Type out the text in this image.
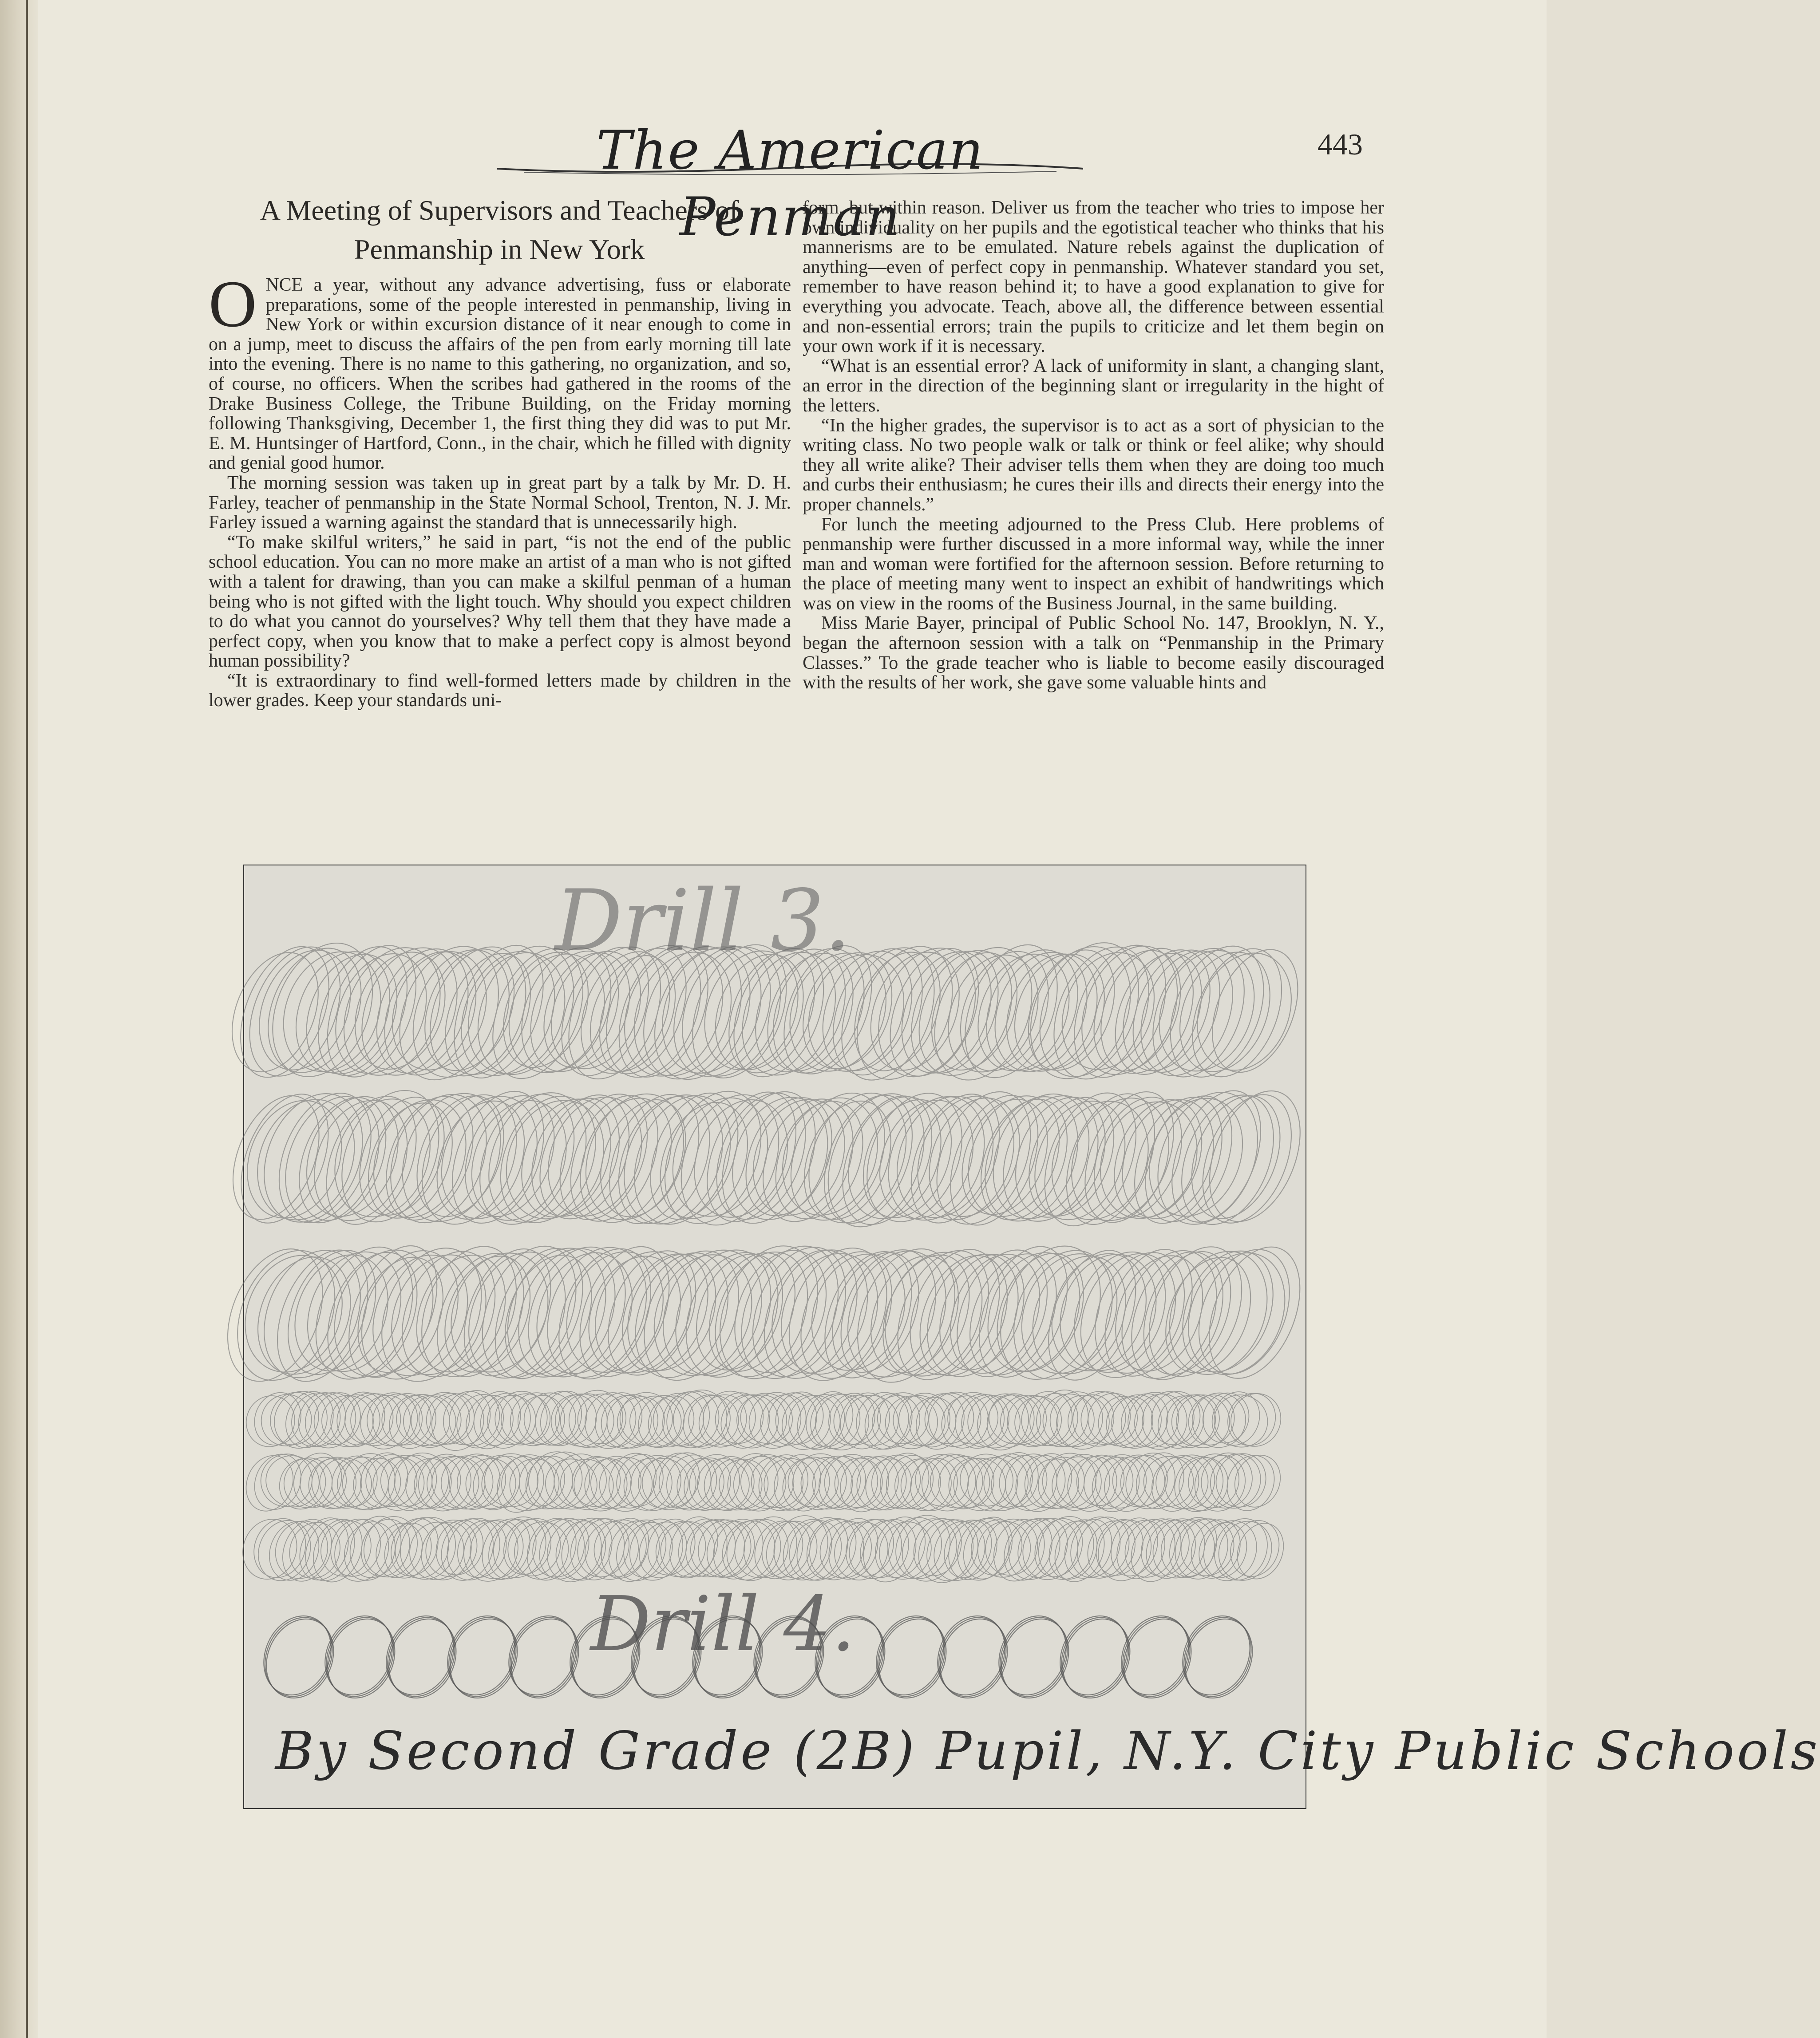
The American Penman
443
A Meeting of Supervisors and Teachers of
Penmanship in New York

ONCE a year, without any advance advertising, fuss or elaborate preparations, some of the people interested in penmanship, living in New York or within excursion distance of it near enough to come in on a jump, meet to discuss the affairs of the pen from early morning till late into the evening. There is no name to this gathering, no organization, and so, of course, no officers. When the scribes had gathered in the rooms of the Drake Business College, the Tribune Building, on the Friday morning following Thanksgiving, December 1, the first thing they did was to put Mr. E. M. Huntsinger of Hartford, Conn., in the chair, which he filled with dignity and genial good humor.

The morning session was taken up in great part by a talk by Mr. D. H. Farley, teacher of penmanship in the State Normal School, Trenton, N. J. Mr. Farley issued a warning against the standard that is unnecessarily high.

“To make skilful writers,” he said in part, “is not the end of the public school education. You can no more make an artist of a man who is not gifted with a talent for drawing, than you can make a skilful penman of a human being who is not gifted with the light touch. Why should you expect children to do what you cannot do yourselves? Why tell them that they have made a perfect copy, when you know that to make a perfect copy is almost beyond human possibility?

“It is extraordinary to find well-formed letters made by children in the lower grades. Keep your standards uni-

form, but within reason. Deliver us from the teacher who tries to impose her own individuality on her pupils and the egotistical teacher who thinks that his mannerisms are to be emulated. Nature rebels against the duplication of anything—even of perfect copy in penmanship. Whatever standard you set, remember to have reason behind it; to have a good explanation to give for everything you advocate. Teach, above all, the difference between essential and non-essential errors; train the pupils to criticize and let them begin on your own work if it is necessary.

“What is an essential error? A lack of uniformity in slant, a changing slant, an error in the direction of the beginning slant or irregularity in the hight of the letters.

“In the higher grades, the supervisor is to act as a sort of physician to the writing class. No two people walk or talk or think or feel alike; why should they all write alike? Their adviser tells them when they are doing too much and curbs their enthusiasm; he cures their ills and directs their energy into the proper channels.”

For lunch the meeting adjourned to the Press Club. Here problems of penmanship were further discussed in a more informal way, while the inner man and woman were fortified for the afternoon session. Before returning to the place of meeting many went to inspect an exhibit of handwritings which was on view in the rooms of the Business Journal, in the same building.

Miss Marie Bayer, principal of Public School No. 147, Brooklyn, N. Y., began the afternoon session with a talk on “Penmanship in the Primary Classes.” To the grade teacher who is liable to become easily discouraged with the results of her work, she gave some valuable hints and

Drill 3.
Drill 4.
By Second Grade (2B) Pupil, N.Y. City Public Schools
